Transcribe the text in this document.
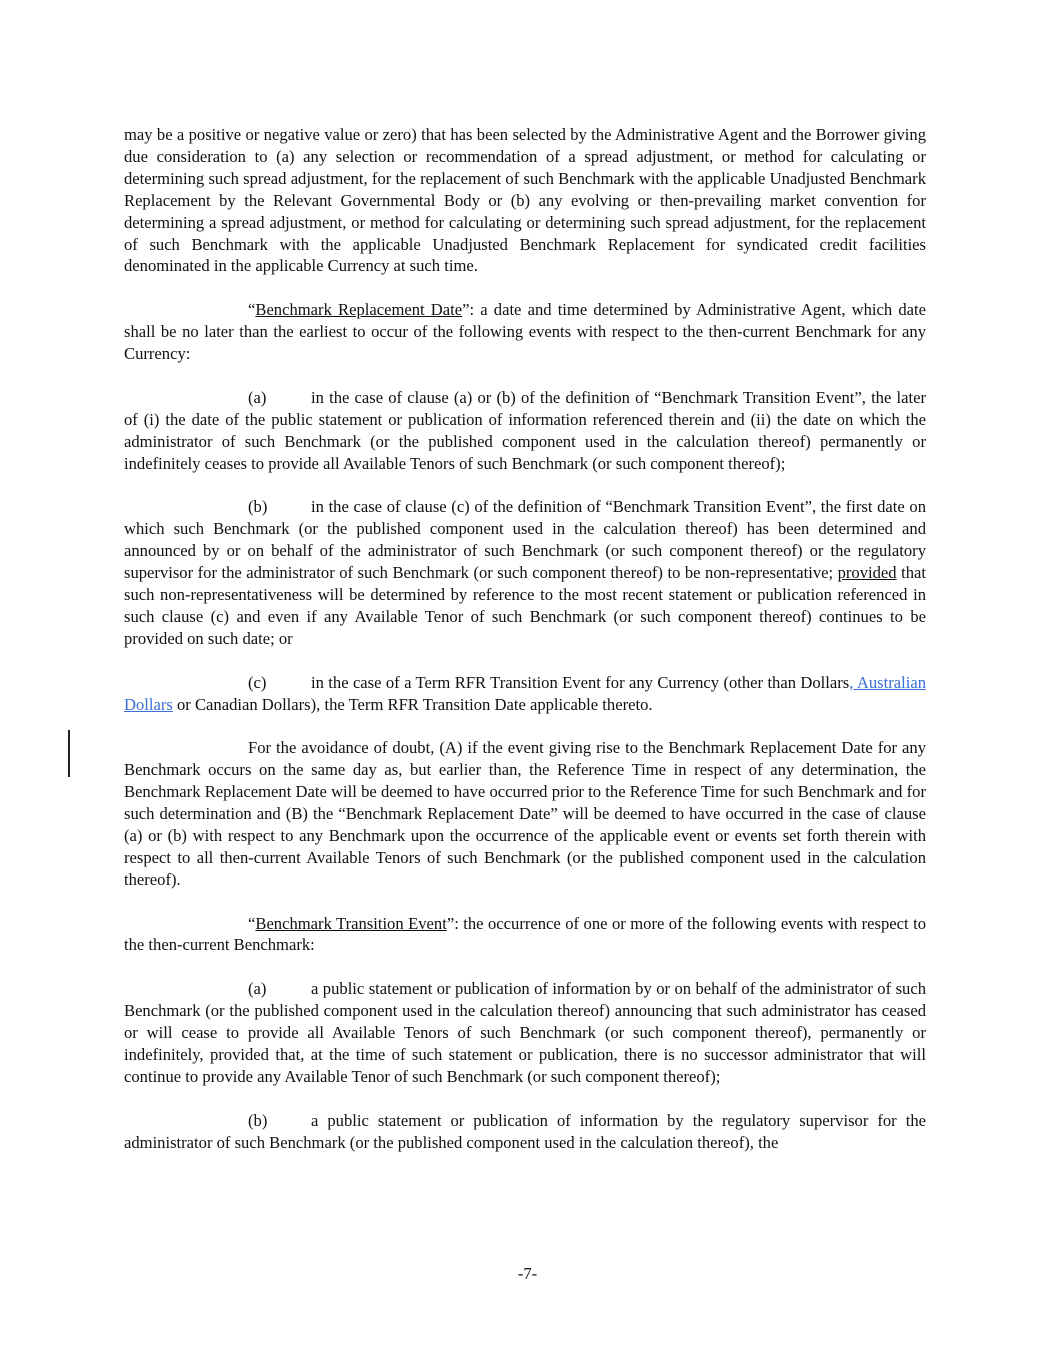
may be a positive or negative value or zero) that has been selected by the Administrative Agent and the Borrower giving due consideration to (a) any selection or recommendation of a spread adjustment, or method for calculating or determining such spread adjustment, for the replacement of such Benchmark with the applicable Unadjusted Benchmark Replacement by the Relevant Governmental Body or (b) any evolving or then-prevailing market convention for determining a spread adjustment, or method for calculating or determining such spread adjustment, for the replacement of such Benchmark with the applicable Unadjusted Benchmark Replacement for syndicated credit facilities denominated in the applicable Currency at such time.

“Benchmark Replacement Date”: a date and time determined by Administrative Agent, which date shall be no later than the earliest to occur of the following events with respect to the then-current Benchmark for any Currency:

(a)	in the case of clause (a) or (b) of the definition of “Benchmark Transition Event”, the later of (i) the date of the public statement or publication of information referenced therein and (ii) the date on which the administrator of such Benchmark (or the published component used in the calculation thereof) permanently or indefinitely ceases to provide all Available Tenors of such Benchmark (or such component thereof);

(b)	in the case of clause (c) of the definition of “Benchmark Transition Event”, the first date on which such Benchmark (or the published component used in the calculation thereof) has been determined and announced by or on behalf of the administrator of such Benchmark (or such component thereof) or the regulatory supervisor for the administrator of such Benchmark (or such component thereof) to be non-representative; provided that such non-representativeness will be determined by reference to the most recent statement or publication referenced in such clause (c) and even if any Available Tenor of such Benchmark (or such component thereof) continues to be provided on such date; or

(c)	in the case of a Term RFR Transition Event for any Currency (other than Dollars, Australian Dollars or Canadian Dollars), the Term RFR Transition Date applicable thereto.

For the avoidance of doubt, (A) if the event giving rise to the Benchmark Replacement Date for any Benchmark occurs on the same day as, but earlier than, the Reference Time in respect of any determination, the Benchmark Replacement Date will be deemed to have occurred prior to the Reference Time for such Benchmark and for such determination and (B) the “Benchmark Replacement Date” will be deemed to have occurred in the case of clause (a) or (b) with respect to any Benchmark upon the occurrence of the applicable event or events set forth therein with respect to all then-current Available Tenors of such Benchmark (or the published component used in the calculation thereof).

“Benchmark Transition Event”: the occurrence of one or more of the following events with respect to the then-current Benchmark:

(a)	a public statement or publication of information by or on behalf of the administrator of such Benchmark (or the published component used in the calculation thereof) announcing that such administrator has ceased or will cease to provide all Available Tenors of such Benchmark (or such component thereof), permanently or indefinitely, provided that, at the time of such statement or publication, there is no successor administrator that will continue to provide any Available Tenor of such Benchmark (or such component thereof);

(b)	a public statement or publication of information by the regulatory supervisor for the administrator of such Benchmark (or the published component used in the calculation thereof), the

-7-
